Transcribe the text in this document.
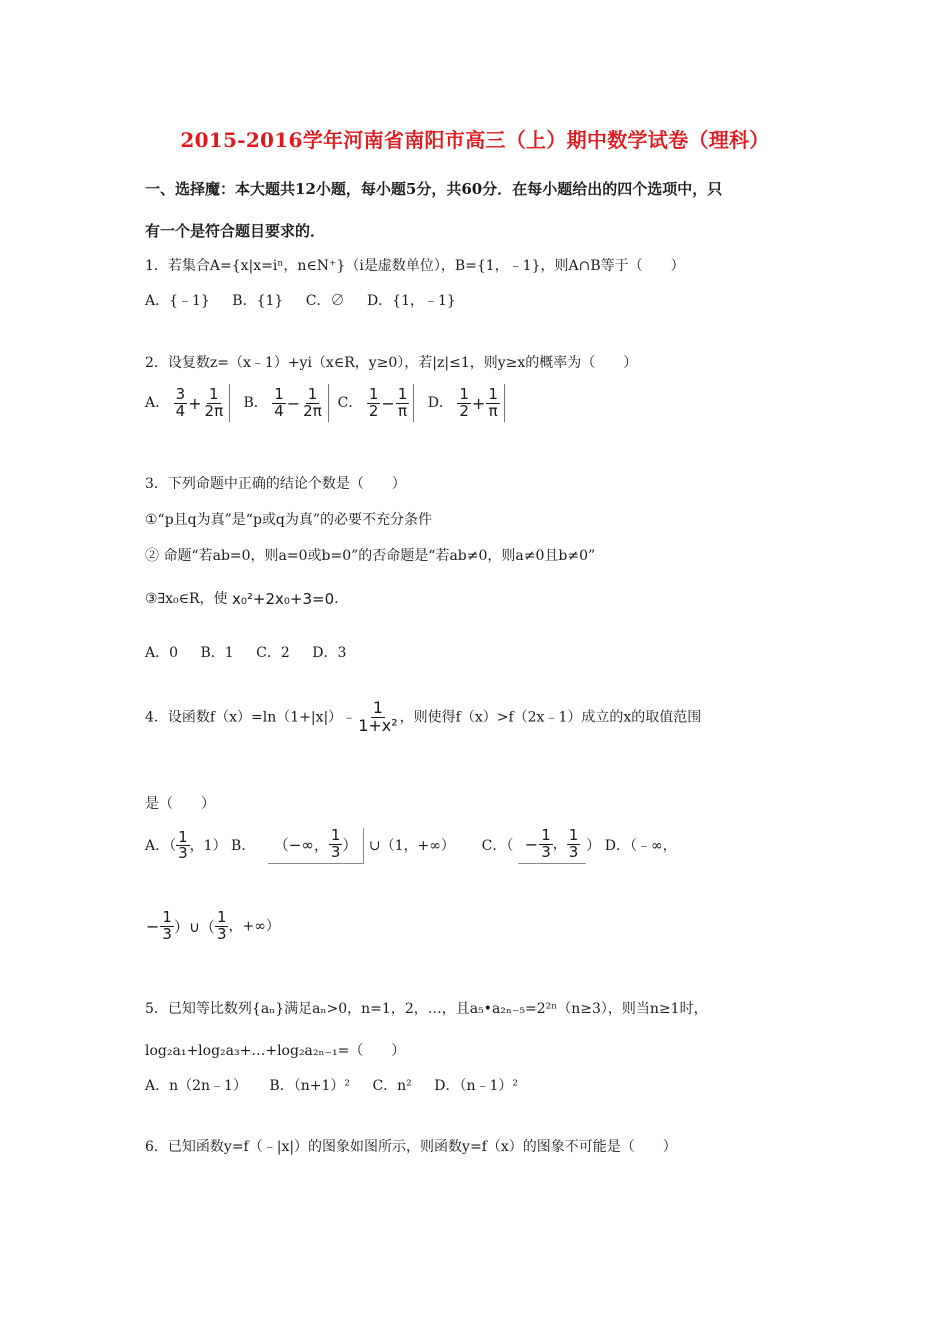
2015-2016学年河南省南阳市高三（上）期中数学试卷（理科）
一、选择魔：本大题共12小题，每小题5分，共60分．在每小题给出的四个选项中，只
有一个是符合题目要求的．
1．若集合A={x|x=iⁿ，n∈N⁺}（i是虚数单位），B={1，﹣1}，则A∩B等于（　　）
A．{﹣1} B．{1} C．∅ D．{1，﹣1}
2．设复数z=（x﹣1）+yi（x∈R，y≥0），若|z|≤1，则y≥x的概率为（　　）
A． $\frac{3}{4} + \frac{1}{2\pi}$ B． $\frac{1}{4} - \frac{1}{2\pi}$ C． $\frac{1}{2} - \frac{1}{\pi}$ D． $\frac{1}{2} + \frac{1}{\pi}$
3．下列命题中正确的结论个数是（　　）
①“p且q为真”是“p或q为真”的必要不充分条件
② 命题“若ab=0，则a=0或b=0”的否命题是“若ab≠0，则a≠0且b≠0”
③∃x₀∈R，使 x₀²+2x₀+3=0.
A．0 B．1 C．2 D．3
4．设函数f（x）=ln（1+|x|）﹣ $\frac{1}{\text{1+x²}}$ ，则使得f（x）>f（2x﹣1）成立的x的取值范围
是（　　）
A．（ $\frac{1}{3}$ ，1） B． （−∞， $\frac{1}{3}$ ） ∪（1，+∞） C．（ − $\frac{1}{3}$ ， $\frac{1}{3}$ ） D．（﹣∞，
− $\frac{1}{3}$ ）∪（ $\frac{1}{3}$ ，+∞）
5．已知等比数列{aₙ}满足aₙ>0，n=1，2，…，且a₅•a₂ₙ₋₅=2²ⁿ（n≥3），则当n≥1时，
log₂a₁+log₂a₃+…+log₂a₂ₙ₋₁=（　　）
A．n（2n﹣1） B．（n+1）² C．n² D．（n﹣1）²
6．已知函数y=f（﹣|x|）的图象如图所示，则函数y=f（x）的图象不可能是（　　）
